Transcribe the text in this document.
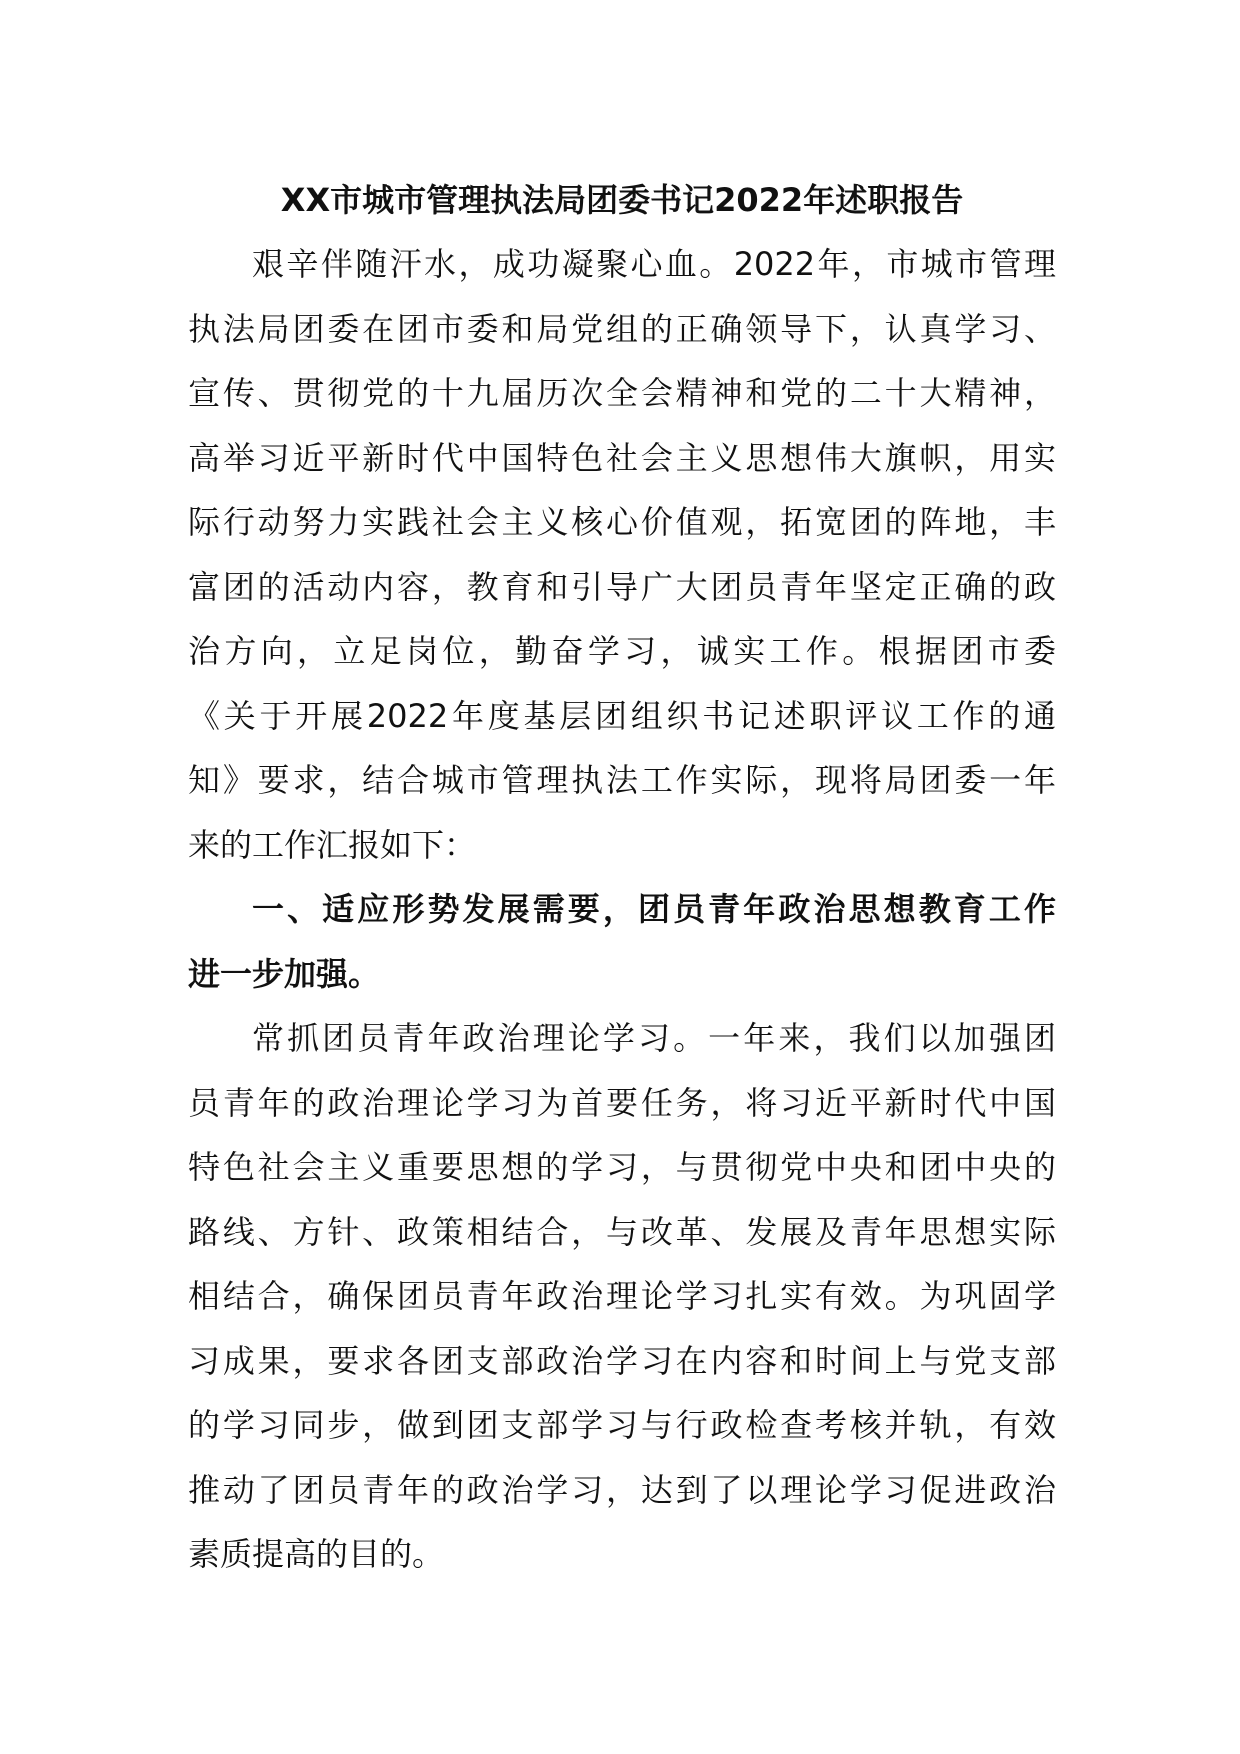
XX市城市管理执法局团委书记2022年述职报告

艰辛伴随汗水，成功凝聚心血。2022年，市城市管理
执法局团委在团市委和局党组的正确领导下，认真学习、
宣传、贯彻党的十九届历次全会精神和党的二十大精神，
高举习近平新时代中国特色社会主义思想伟大旗帜，用实
际行动努力实践社会主义核心价值观，拓宽团的阵地，丰
富团的活动内容，教育和引导广大团员青年坚定正确的政
治方向，立足岗位，勤奋学习，诚实工作。根据团市委
《关于开展2022年度基层团组织书记述职评议工作的通
知》要求，结合城市管理执法工作实际，现将局团委一年
来的工作汇报如下：

一、适应形势发展需要，团员青年政治思想教育工作
进一步加强。

常抓团员青年政治理论学习。一年来，我们以加强团
员青年的政治理论学习为首要任务，将习近平新时代中国
特色社会主义重要思想的学习，与贯彻党中央和团中央的
路线、方针、政策相结合，与改革、发展及青年思想实际
相结合，确保团员青年政治理论学习扎实有效。为巩固学
习成果，要求各团支部政治学习在内容和时间上与党支部
的学习同步，做到团支部学习与行政检查考核并轨，有效
推动了团员青年的政治学习，达到了以理论学习促进政治
素质提高的目的。
